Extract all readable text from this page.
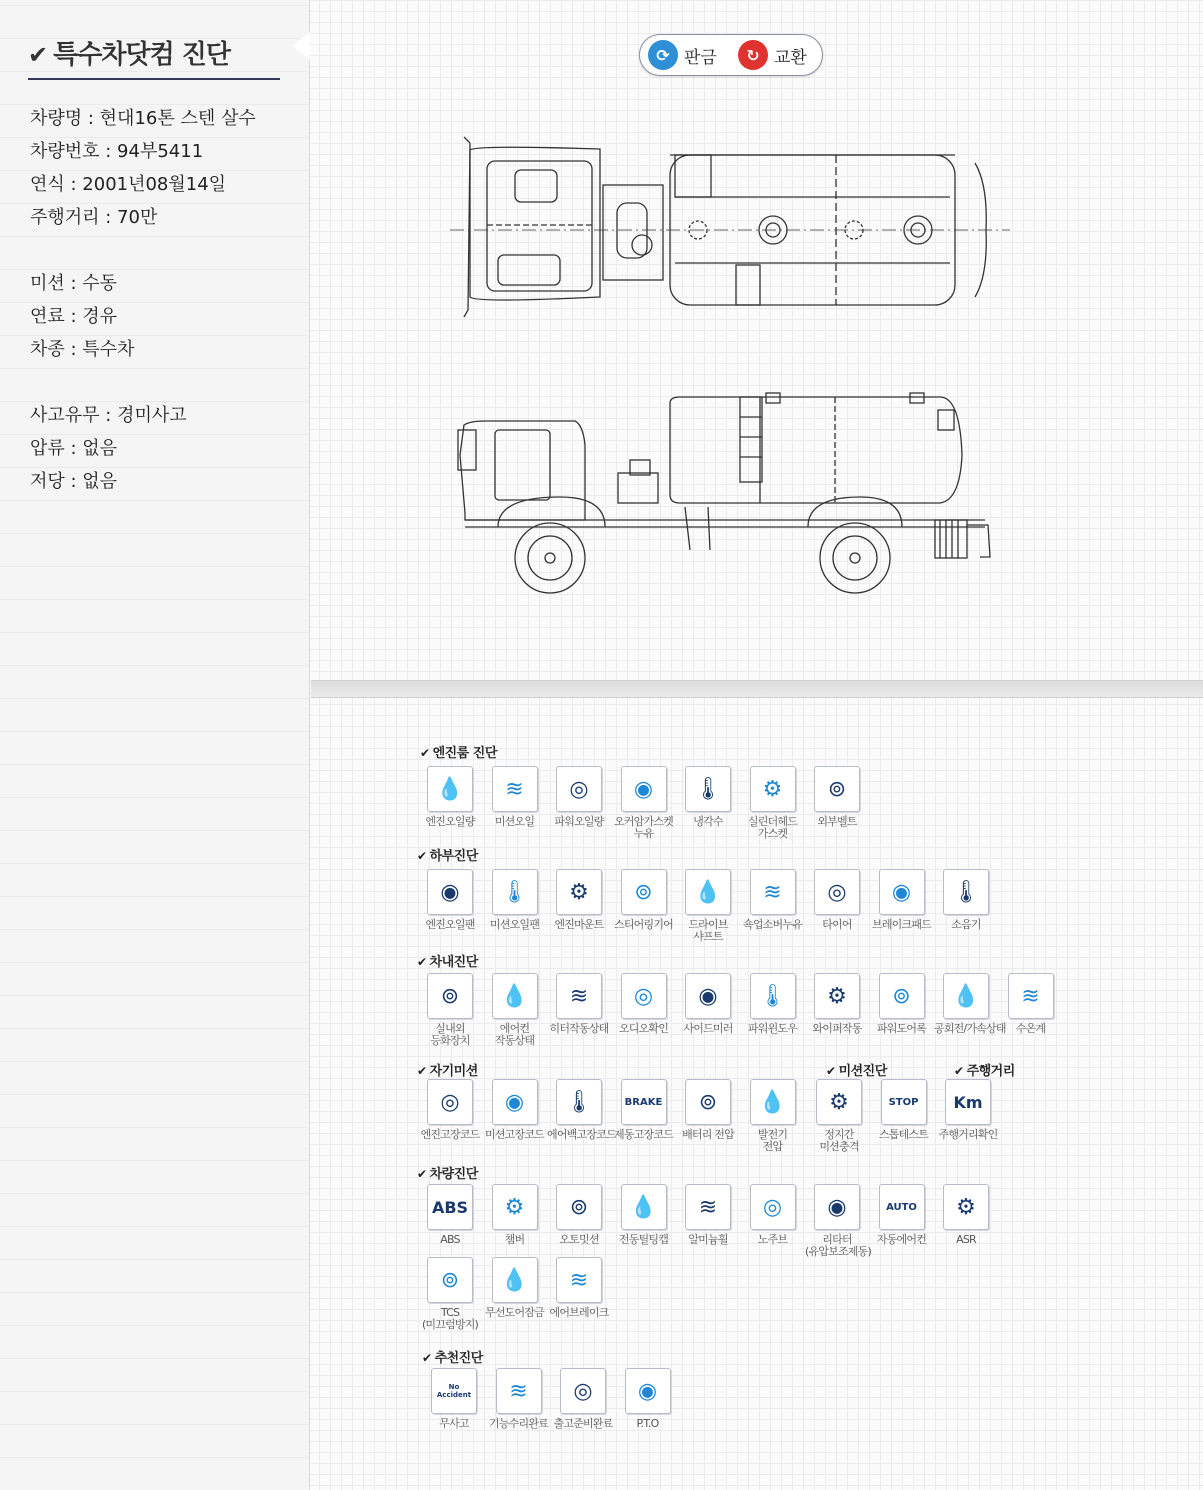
✔ 특수차닷컴 진단
차량명 : 현대16톤 스텐 살수
차량번호 : 94부5411
연식 : 2001년08월14일
주행거리 : 70만
미션 : 수동
연료 : 경유
차종 : 특수차
사고유무 : 경미사고
압류 : 없음
저당 : 없음
⟳ 판금	↻ 교환
✔ 엔진룸 진단
💧
엔진오일량
≋
미션오일
◎
파워오일량
◉
오커암가스켓
누유
🌡
냉각수
⚙
실린더헤드
가스켓
⊚
외부벨트
✔ 하부진단
◉
엔진오일팬
🌡
미션오일팬
⚙
엔진마운트
⊚
스티어링기어
💧
드라이브
샤프트
≋
쇽업소버누유
◎
타이어
◉
브레이크패드
🌡
소음기
✔ 차내진단
⊚
실내외
등화장치
💧
에어컨
작동상태
≋
히터작동상태
◎
오디오확인
◉
사이드미러
🌡
파워윈도우
⚙
와이퍼작동
⊚
파워도어록
💧
공회전/가속상태
≋
수온계
✔ 자기미션
◎
엔진고장코드
◉
미션고장코드
🌡
에어백고장코드
BRAKE
제동고장코드
⊚
배터리 전압
💧
발전기
전압
✔ 미션진단
⚙
정지간
미션충격
STOP
스톱테스트
✔ 주행거리
Km
주행거리확인
✔ 차량진단
ABS
ABS
⚙
챔버
⊚
오토밋션
💧
전동틸팅캡
≋
알미늄휠
◎
노주브
◉
리타터
(유압보조제동)
AUTO
자동에어컨
⚙
ASR
⊚
TCS
(미끄럼방지)
💧
무선도어잠금
≋
에어브레이크
✔ 추천진단
No Accident
무사고
≋
기능수리완료
◎
출고준비완료
◉
P.T.O
